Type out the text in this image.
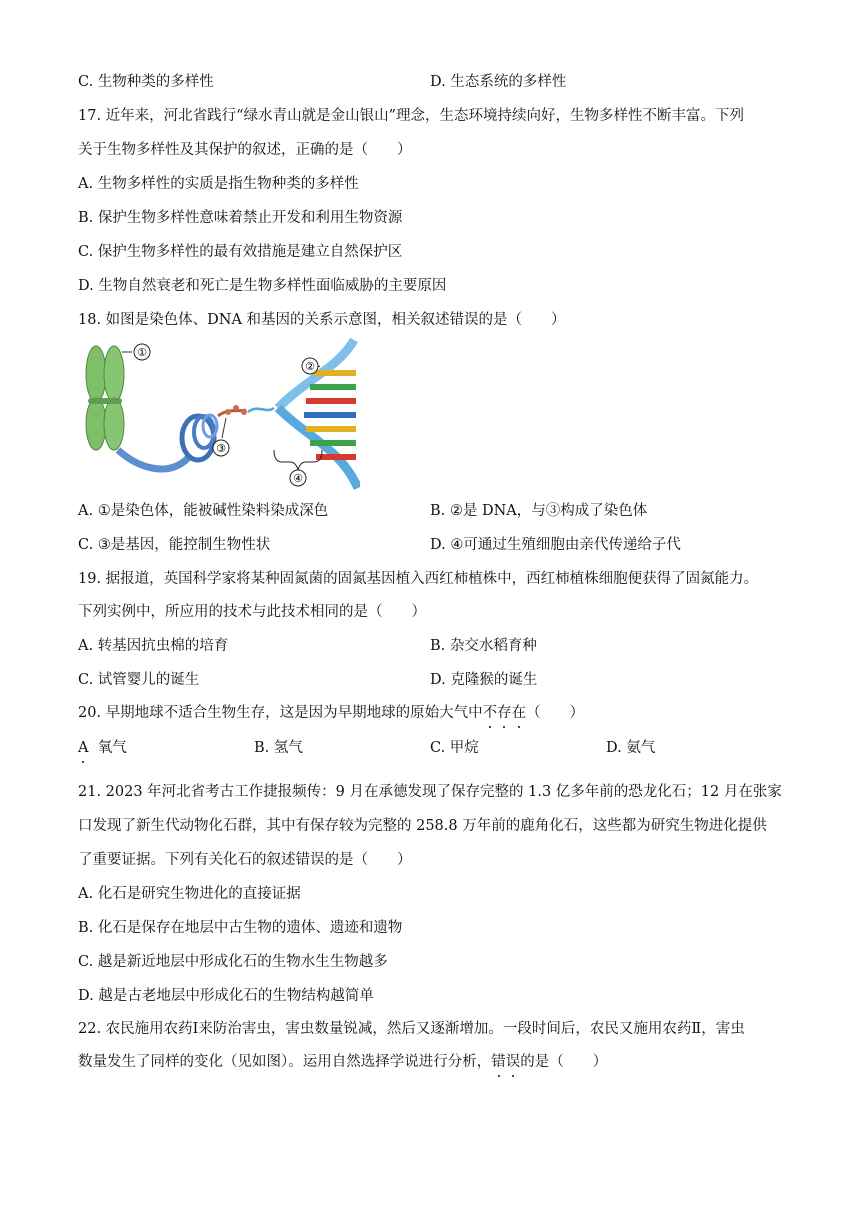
C. 生物种类的多样性	D. 生态系统的多样性
17. 近年来，河北省践行“绿水青山就是金山银山”理念，生态环境持续向好，生物多样性不断丰富。下列
关于生物多样性及其保护的叙述，正确的是（　　）
A. 生物多样性的实质是指生物种类的多样性
B. 保护生物多样性意味着禁止开发和利用生物资源
C. 保护生物多样性的最有效措施是建立自然保护区
D. 生物自然衰老和死亡是生物多样性面临威胁的主要原因
18. 如图是染色体、DNA 和基因的关系示意图，相关叙述错误的是（　　）
①
③
②
④
A. ①是染色体，能被碱性染料染成深色	B. ②是 DNA，与③构成了染色体
C. ③是基因，能控制生物性状	D. ④可通过生殖细胞由亲代传递给子代
19. 据报道，英国科学家将某种固氮菌的固氮基因植入西红柿植株中，西红柿植株细胞便获得了固氮能力。
下列实例中，所应用的技术与此技术相同的是（　　）
A. 转基因抗虫棉的培育	B. 杂交水稻育种
C. 试管婴儿的诞生	D. 克隆猴的诞生
20. 早期地球不适合生物生存，这是因为早期地球的原始大气中不存在（　　）
A 氧气	B. 氢气	C. 甲烷	D. 氨气
21. 2023 年河北省考古工作捷报频传：9 月在承德发现了保存完整的 1.3 亿多年前的恐龙化石；12 月在张家
口发现了新生代动物化石群，其中有保存较为完整的 258.8 万年前的鹿角化石，这些都为研究生物进化提供
了重要证据。下列有关化石的叙述错误的是（　　）
A. 化石是研究生物进化的直接证据
B. 化石是保存在地层中古生物的遗体、遗迹和遗物
C. 越是新近地层中形成化石的生物水生生物越多
D. 越是古老地层中形成化石的生物结构越简单
22. 农民施用农药Ⅰ来防治害虫，害虫数量锐减，然后又逐渐增加。一段时间后，农民又施用农药Ⅱ，害虫
数量发生了同样的变化（见如图）。运用自然选择学说进行分析，错误的是（　　）
